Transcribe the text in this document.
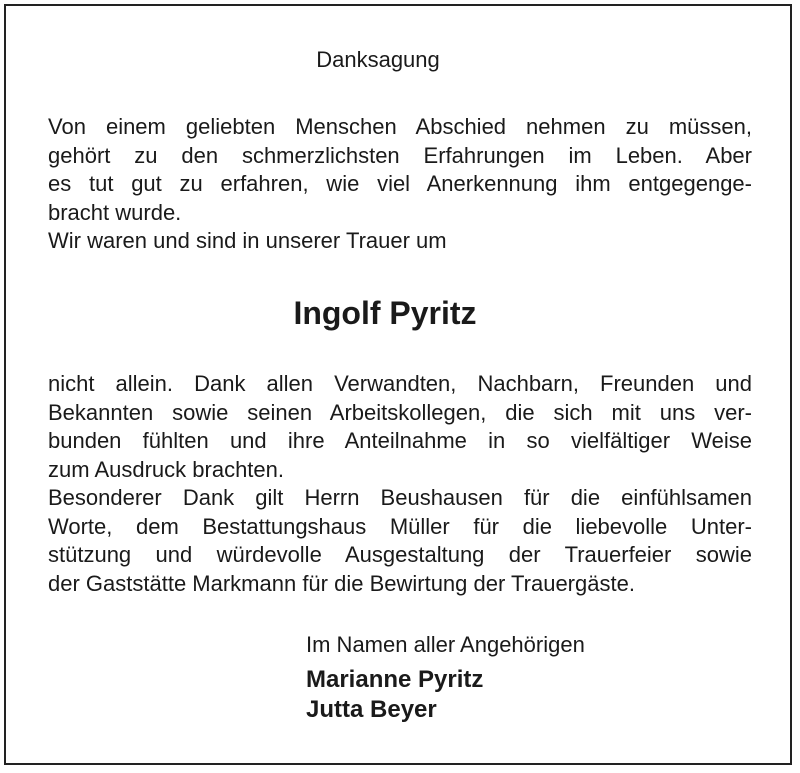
Danksagung
Von einem geliebten Menschen Abschied nehmen zu müssen,
gehört zu den schmerzlichsten Erfahrungen im Leben. Aber
es tut gut zu erfahren, wie viel Anerkennung ihm entgegenge-
bracht wurde.
Wir waren und sind in unserer Trauer um
Ingolf Pyritz
nicht allein. Dank allen Verwandten, Nachbarn, Freunden und
Bekannten sowie seinen Arbeitskollegen, die sich mit uns ver-
bunden fühlten und ihre Anteilnahme in so vielfältiger Weise
zum Ausdruck brachten.
Besonderer Dank gilt Herrn Beushausen für die einfühlsamen
Worte, dem Bestattungshaus Müller für die liebevolle Unter-
stützung und würdevolle Ausgestaltung der Trauerfeier sowie
der Gaststätte Markmann für die Bewirtung der Trauergäste.
Im Namen aller Angehörigen
Marianne Pyritz
Jutta Beyer
